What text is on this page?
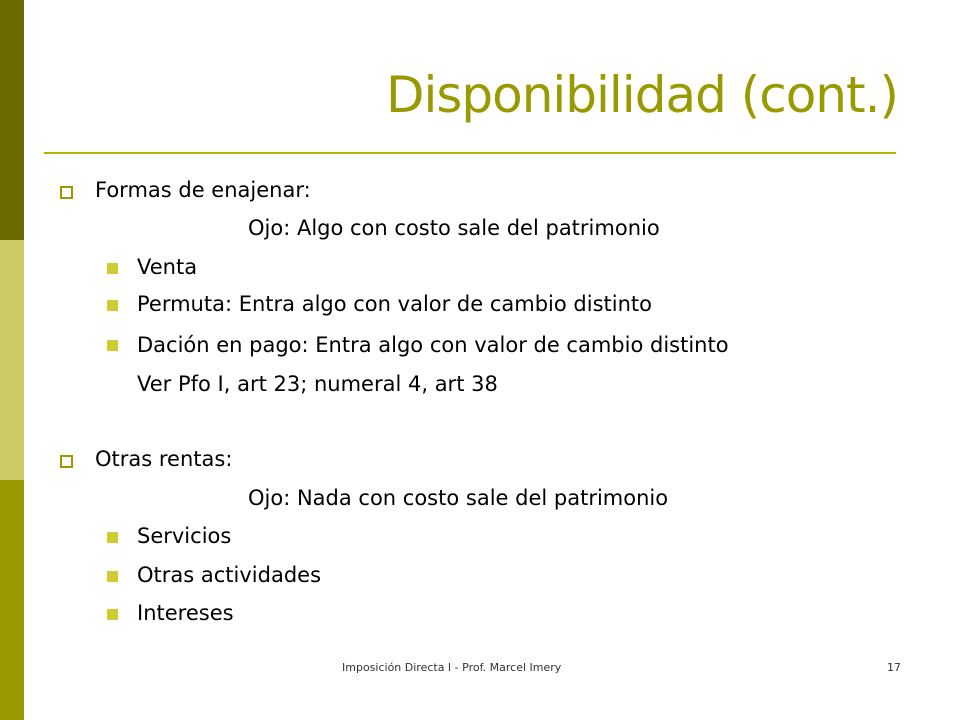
Disponibilidad (cont.)
Formas de enajenar:
Ojo: Algo con costo sale del patrimonio
Venta
Permuta: Entra algo con valor de cambio distinto
Dación en pago: Entra algo con valor de cambio distinto
Ver Pfo I, art 23; numeral 4, art 38
Otras rentas:
Ojo: Nada con costo sale del patrimonio
Servicios
Otras actividades
Intereses
Imposición Directa I - Prof. Marcel Imery	17
